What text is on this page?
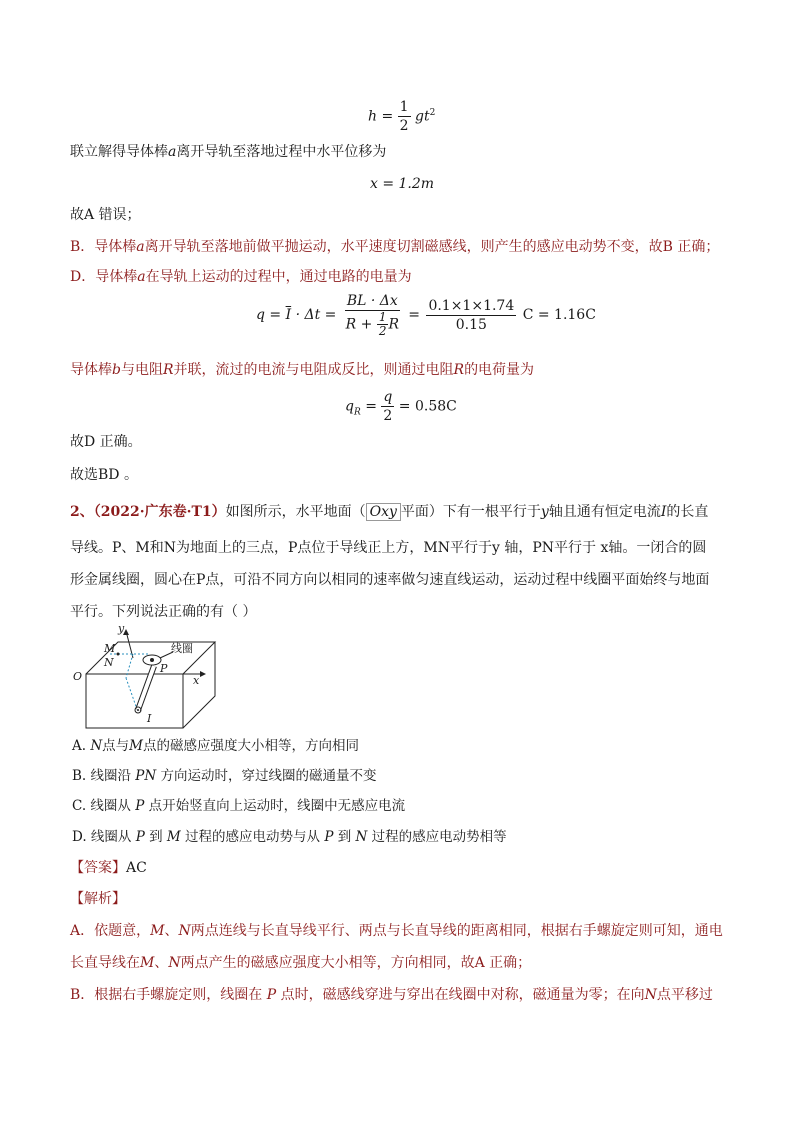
$h = \frac{1}{2} gt^2$
联立解得导体棒a离开导轨至落地过程中水平位移为
x = 1.2m
故A 错误；
B．导体棒a离开导轨至落地前做平抛运动，水平速度切割磁感线，则产生的感应电动势不变，故B 正确；
D．导体棒a在导轨上运动的过程中，通过电路的电量为
$q = \overline{I} \cdot \Delta t = \frac{BL \cdot \Delta x}{R + \frac{1}{2} R} = \frac{0.1\times 1\times 1.74}{0.15}$ C = 1.16C
导体棒b与电阻R并联，流过的电流与电阻成反比，则通过电阻R的电荷量为
$q_R = \frac{q}{2} = 0.58C$
故D 正确。
故选BD 。
2、（2022·广东卷·T1）如图所示，水平地面（ Oxy 平面）下有一根平行于y轴且通有恒定电流I的长直
导线。P、M和N为地面上的三点，P点位于导线正上方，MN平行于y 轴，PN平行于 x轴。一闭合的圆
形金属线圈，圆心在P点，可沿不同方向以相同的速率做匀速直线运动，运动过程中线圈平面始终与地面
平行。下列说法正确的有（ ）
y
x
O
M
N	P
I
线圈
A. N点与M点的磁感应强度大小相等，方向相同
B. 线圈沿 PN 方向运动时，穿过线圈的磁通量不变
C. 线圈从 P 点开始竖直向上运动时，线圈中无感应电流
D. 线圈从 P 到 M 过程的感应电动势与从 P 到 N 过程的感应电动势相等
【答案】AC
【解析】
A．依题意，M、N两点连线与长直导线平行、两点与长直导线的距离相同，根据右手螺旋定则可知，通电
长直导线在M、N两点产生的磁感应强度大小相等，方向相同，故A 正确；
B．根据右手螺旋定则，线圈在 P 点时，磁感线穿进与穿出在线圈中对称，磁通量为零；在向N点平移过
